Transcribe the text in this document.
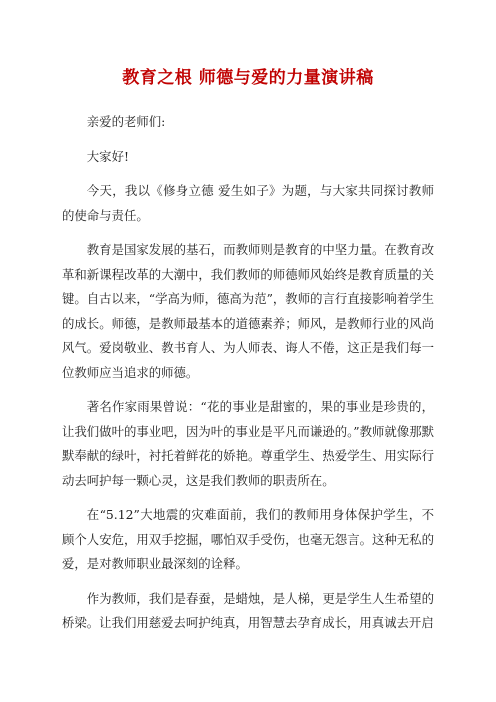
教育之根 师德与爱的力量演讲稿

亲爱的老师们:

大家好!

今天，我以《修身立德 爱生如子》为题，与大家共同探讨教师的使命与责任。

教育是国家发展的基石，而教师则是教育的中坚力量。在教育改革和新课程改革的大潮中，我们教师的师德师风始终是教育质量的关键。自古以来，“学高为师，德高为范”，教师的言行直接影响着学生的成长。师德，是教师最基本的道德素养；师风，是教师行业的风尚风气。爱岗敬业、教书育人、为人师表、诲人不倦，这正是我们每一位教师应当追求的师德。

著名作家雨果曾说：“花的事业是甜蜜的，果的事业是珍贵的，让我们做叶的事业吧，因为叶的事业是平凡而谦逊的。”教师就像那默默奉献的绿叶，衬托着鲜花的娇艳。尊重学生、热爱学生、用实际行动去呵护每一颗心灵，这是我们教师的职责所在。

在“5.12”大地震的灾难面前，我们的教师用身体保护学生，不顾个人安危，用双手挖掘，哪怕双手受伤，也毫无怨言。这种无私的爱，是对教师职业最深刻的诠释。

作为教师，我们是春蚕，是蜡烛，是人梯，更是学生人生希望的桥梁。让我们用慈爱去呵护纯真，用智慧去孕育成长，用真诚去开启
